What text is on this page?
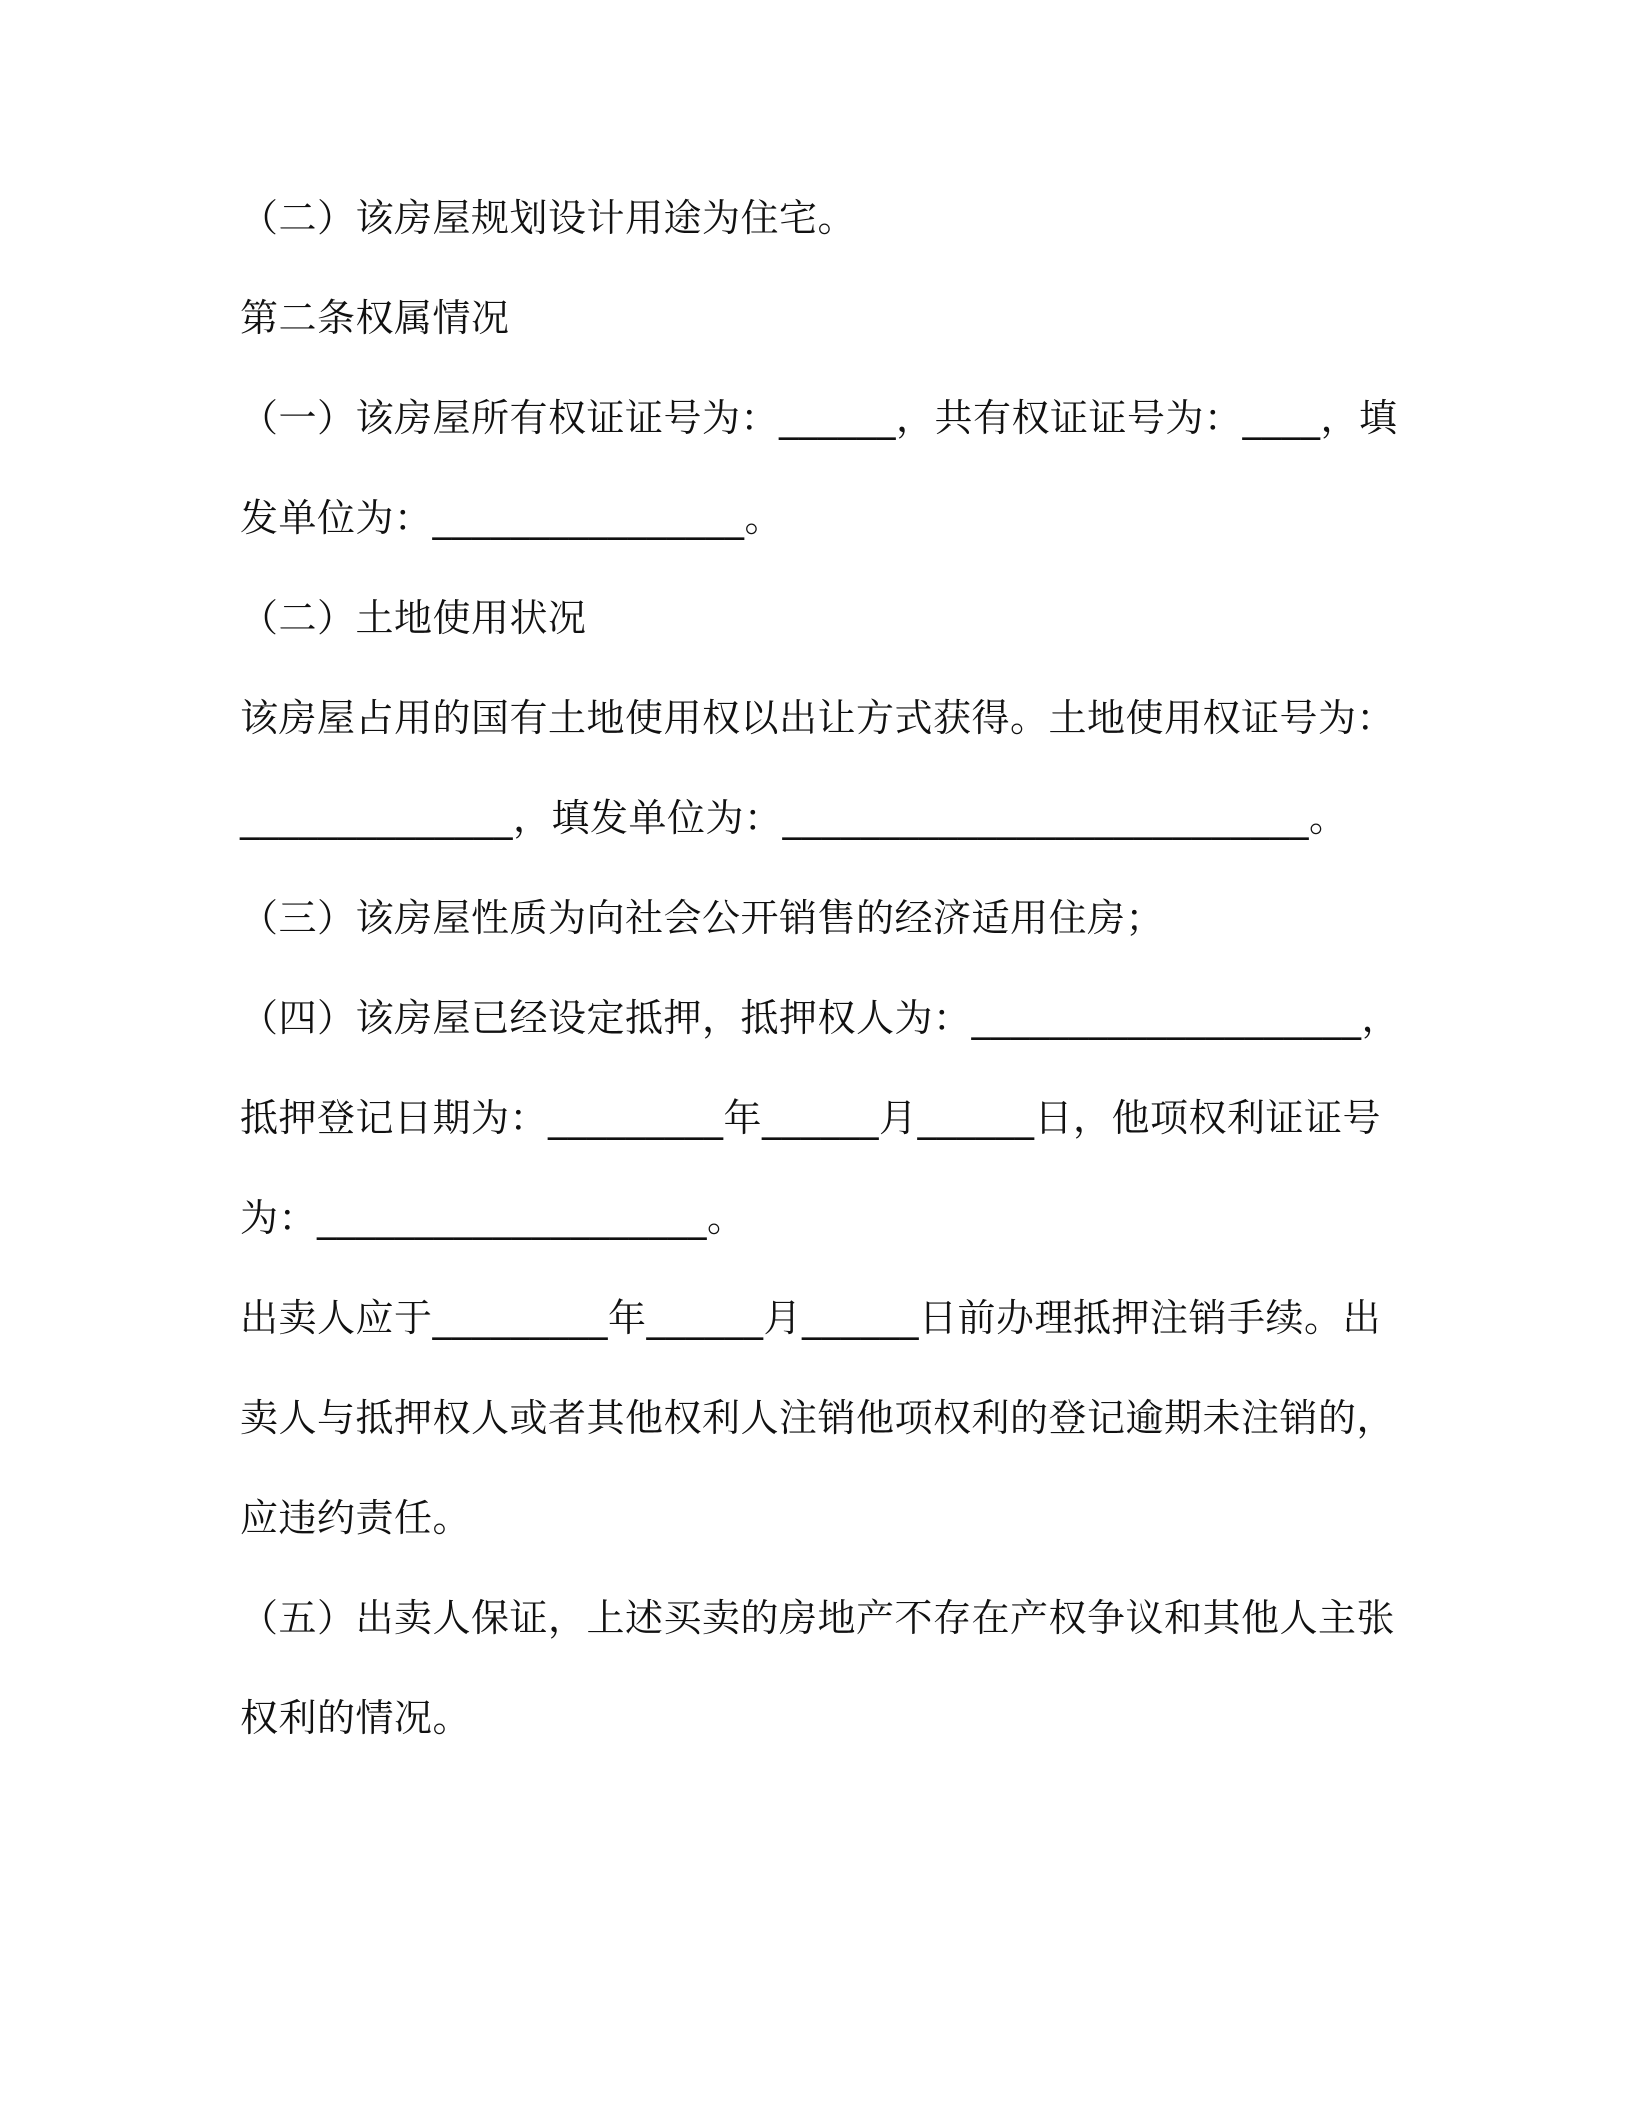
（二）该房屋规划设计用途为住宅。
第二条权属情况
（一）该房屋所有权证证号为：______，共有权证证号为：____，填
发单位为：________________。
（二）土地使用状况
该房屋占用的国有土地使用权以出让方式获得。土地使用权证号为：
______________，填发单位为：___________________________。
（三）该房屋性质为向社会公开销售的经济适用住房；
（四）该房屋已经设定抵押，抵押权人为：____________________，
抵押登记日期为：_________年______月______日，他项权利证证号
为：____________________。
出卖人应于_________年______月______日前办理抵押注销手续。出
卖人与抵押权人或者其他权利人注销他项权利的登记逾期未注销的，
应违约责任。
（五）出卖人保证，上述买卖的房地产不存在产权争议和其他人主张
权利的情况。
